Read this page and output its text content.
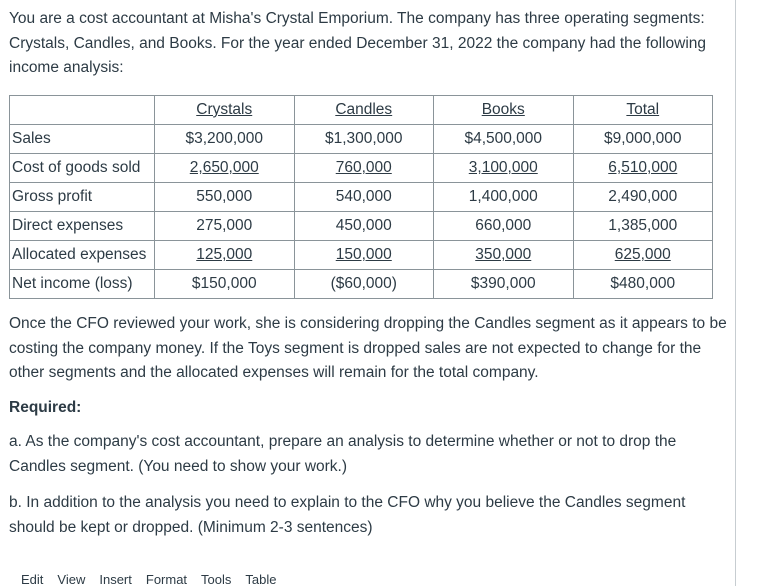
You are a cost accountant at Misha's Crystal Emporium. The company has three operating segments: Crystals, Candles, and Books. For the year ended December 31, 2022 the company had the following income analysis:

	Crystals	Candles	Books	Total
Sales	$3,200,000	$1,300,000	$4,500,000	$9,000,000
Cost of goods sold	2,650,000	760,000	3,100,000	6,510,000
Gross profit	550,000	540,000	1,400,000	2,490,000
Direct expenses	275,000	450,000	660,000	1,385,000
Allocated expenses	125,000	150,000	350,000	625,000
Net income (loss)	$150,000	($60,000)	$390,000	$480,000

Once the CFO reviewed your work, she is considering dropping the Candles segment as it appears to be costing the company money. If the Toys segment is dropped sales are not expected to change for the other segments and the allocated expenses will remain for the total company.

Required:

a. As the company's cost accountant, prepare an analysis to determine whether or not to drop the Candles segment. (You need to show your work.)

b. In addition to the analysis you need to explain to the CFO why you believe the Candles segment should be kept or dropped. (Minimum 2-3 sentences)

Edit View Insert Format Tools Table
